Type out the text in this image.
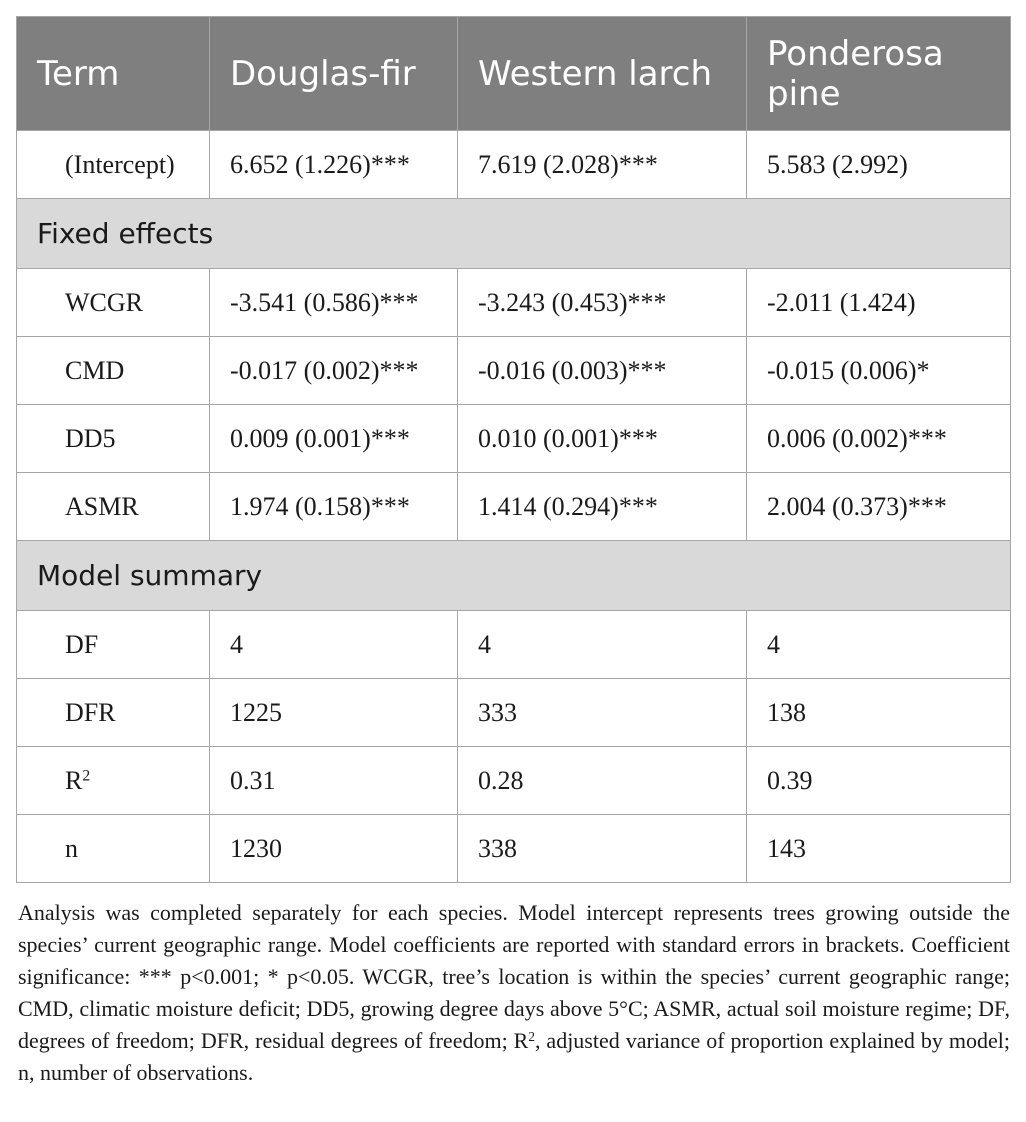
Term	Douglas-fir	Western larch	Ponderosa pine
(Intercept)	6.652 (1.226)***	7.619 (2.028)***	5.583 (2.992)
Fixed effects			
WCGR	-3.541 (0.586)***	-3.243 (0.453)***	-2.011 (1.424)
CMD	-0.017 (0.002)***	-0.016 (0.003)***	-0.015 (0.006)*
DD5	0.009 (0.001)***	0.010 (0.001)***	0.006 (0.002)***
ASMR	1.974 (0.158)***	1.414 (0.294)***	2.004 (0.373)***
Model summary			
DF	4	4	4
DFR	1225	333	138
$R^2$	0.31	0.28	0.39
n	1230	338	143

Analysis was completed separately for each species. Model intercept represents trees growing outside the species’ current geographic range. Model coefficients are reported with standard errors in brackets. Coefficient significance: *** p<0.001; * p<0.05. WCGR, tree’s location is within the species’ current geographic range; CMD, climatic moisture deficit; DD5, growing degree days above 5°C; ASMR, actual soil moisture regime; DF, degrees of freedom; DFR, residual degrees of freedom; $R^2$, adjusted variance of proportion explained by model; n, number of observations.
